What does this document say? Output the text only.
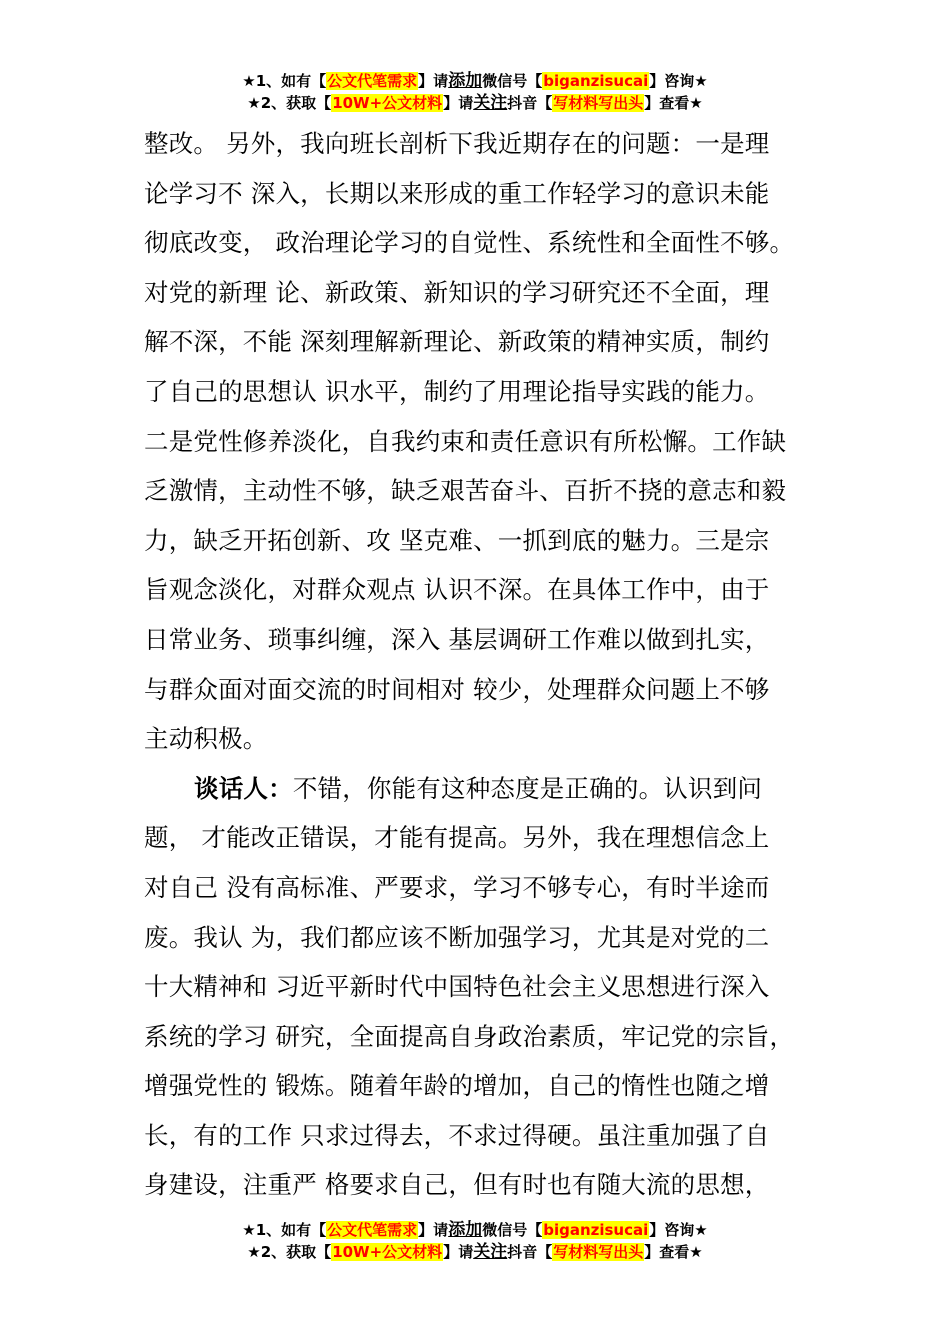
★1、如有【公文代笔需求】请添加微信号【biganzisucai】咨询★
★2、获取【10W+公文材料】请关注抖音【写材料写出头】查看★
整改。 另外，我向班长剖析下我近期存在的问题：一是理
论学习不 深入，长期以来形成的重工作轻学习的意识未能
彻底改变， 政治理论学习的自觉性、系统性和全面性不够。
对党的新理 论、新政策、新知识的学习研究还不全面，理
解不深，不能 深刻理解新理论、新政策的精神实质，制约
了自己的思想认 识水平，制约了用理论指导实践的能力。
二是党性修养淡化，自我约束和责任意识有所松懈。工作缺
乏激情，主动性不够，缺乏艰苦奋斗、百折不挠的意志和毅
力，缺乏开拓创新、攻 坚克难、一抓到底的魅力。三是宗
旨观念淡化，对群众观点 认识不深。在具体工作中，由于
日常业务、琐事纠缠，深入 基层调研工作难以做到扎实，
与群众面对面交流的时间相对 较少，处理群众问题上不够
主动积极。
谈话人：不错，你能有这种态度是正确的。认识到问
题， 才能改正错误，才能有提高。另外，我在理想信念上
对自己 没有高标准、严要求，学习不够专心，有时半途而
废。我认 为，我们都应该不断加强学习，尤其是对党的二
十大精神和 习近平新时代中国特色社会主义思想进行深入
系统的学习 研究，全面提高自身政治素质，牢记党的宗旨，
增强党性的 锻炼。随着年龄的增加，自己的惰性也随之增
长，有的工作 只求过得去，不求过得硬。虽注重加强了自
身建设，注重严 格要求自己，但有时也有随大流的思想，
★1、如有【公文代笔需求】请添加微信号【biganzisucai】咨询★
★2、获取【10W+公文材料】请关注抖音【写材料写出头】查看★
